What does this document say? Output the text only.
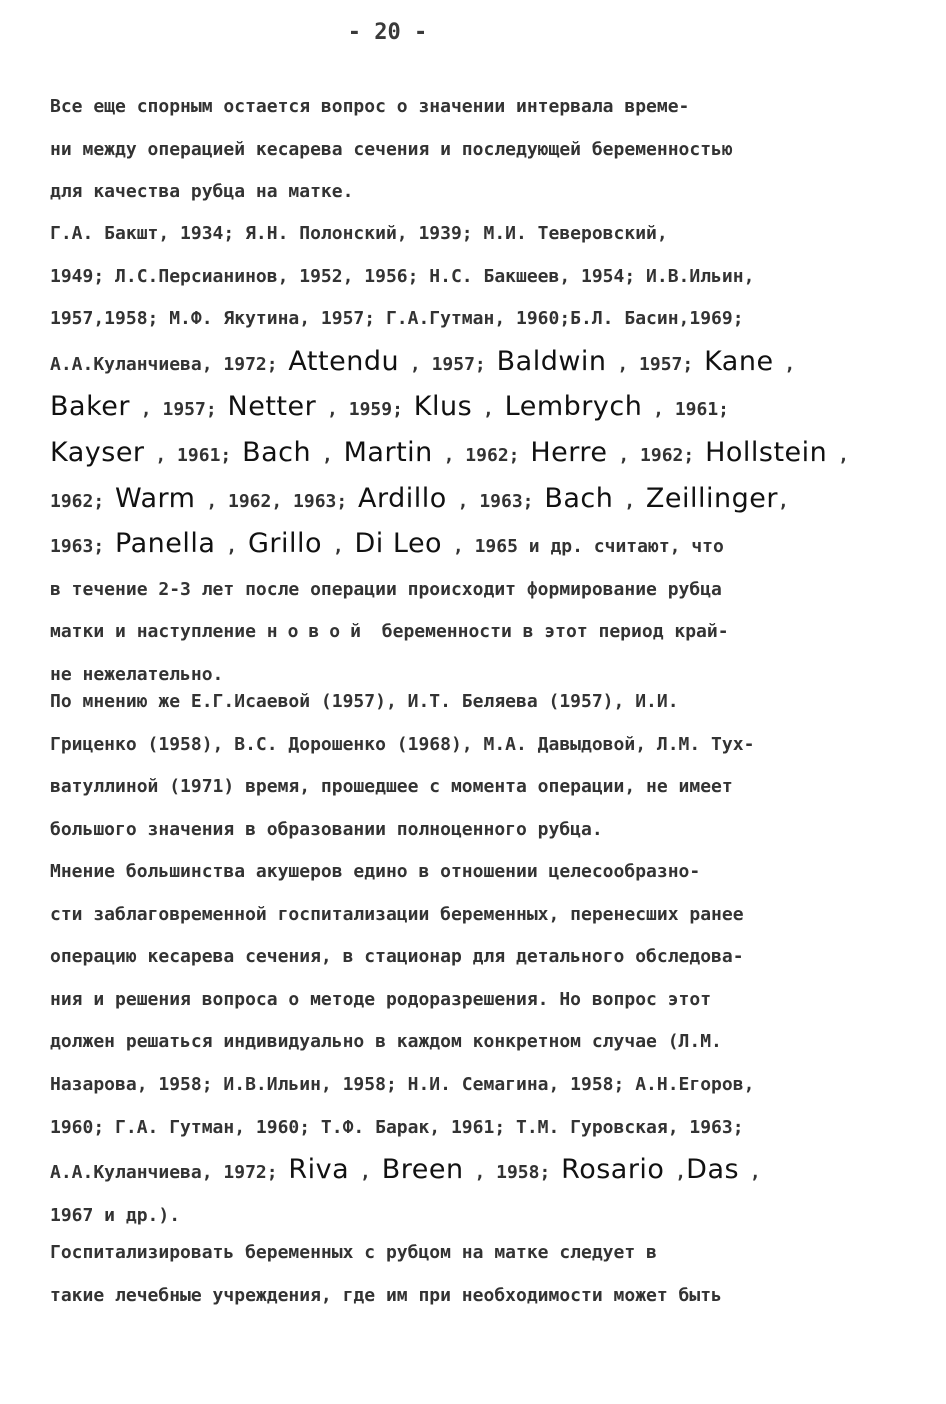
- 20 -
Все еще спорным остается вопрос о значении интервала време-
ни между операцией кесарева сечения и последующей беременностью
для качества рубца на матке.
Г.А. Бакшт, 1934; Я.Н. Полонский, 1939; М.И. Теверовский,
1949; Л.С.Персианинов, 1952, 1956; Н.С. Бакшеев, 1954; И.В.Ильин,
1957,1958; М.Ф. Якутина, 1957; Г.А.Гутман, 1960;Б.Л. Басин,1969;
А.А.Куланчиева, 1972; Attendu , 1957; Baldwin , 1957; Kane ,
Baker , 1957; Netter , 1959; Klus , Lembrych , 1961;
Kayser , 1961; Bach , Martin , 1962; Herre , 1962; Hollstein ,
1962; Warm , 1962, 1963; Ardillo , 1963; Bach , Zeillinger,
1963; Panella , Grillo , Di Leo , 1965 и др. считают, что
в течение 2-3 лет после операции происходит формирование рубца
матки и наступление новой беременности в этот период край-
не нежелательно.
По мнению же Е.Г.Исаевой (1957), И.Т. Беляева (1957), И.И.
Гриценко (1958), В.С. Дорошенко (1968), М.А. Давыдовой, Л.М. Тух-
ватуллиной (1971) время, прошедшее с момента операции, не имеет
большого значения в образовании полноценного рубца.
Мнение большинства акушеров едино в отношении целесообразно-
сти заблаговременной госпитализации беременных, перенесших ранее
операцию кесарева сечения, в стационар для детального обследова-
ния и решения вопроса о методе родоразрешения. Но вопрос этот
должен решаться индивидуально в каждом конкретном случае (Л.М.
Назарова, 1958; И.В.Ильин, 1958; Н.И. Семагина, 1958; А.Н.Егоров,
1960; Г.А. Гутман, 1960; Т.Ф. Барак, 1961; Т.М. Гуровская, 1963;
А.А.Куланчиева, 1972; Riva , Breen , 1958; Rosario ,Das ,
1967 и др.).
Госпитализировать беременных с рубцом на матке следует в
такие лечебные учреждения, где им при необходимости может быть
